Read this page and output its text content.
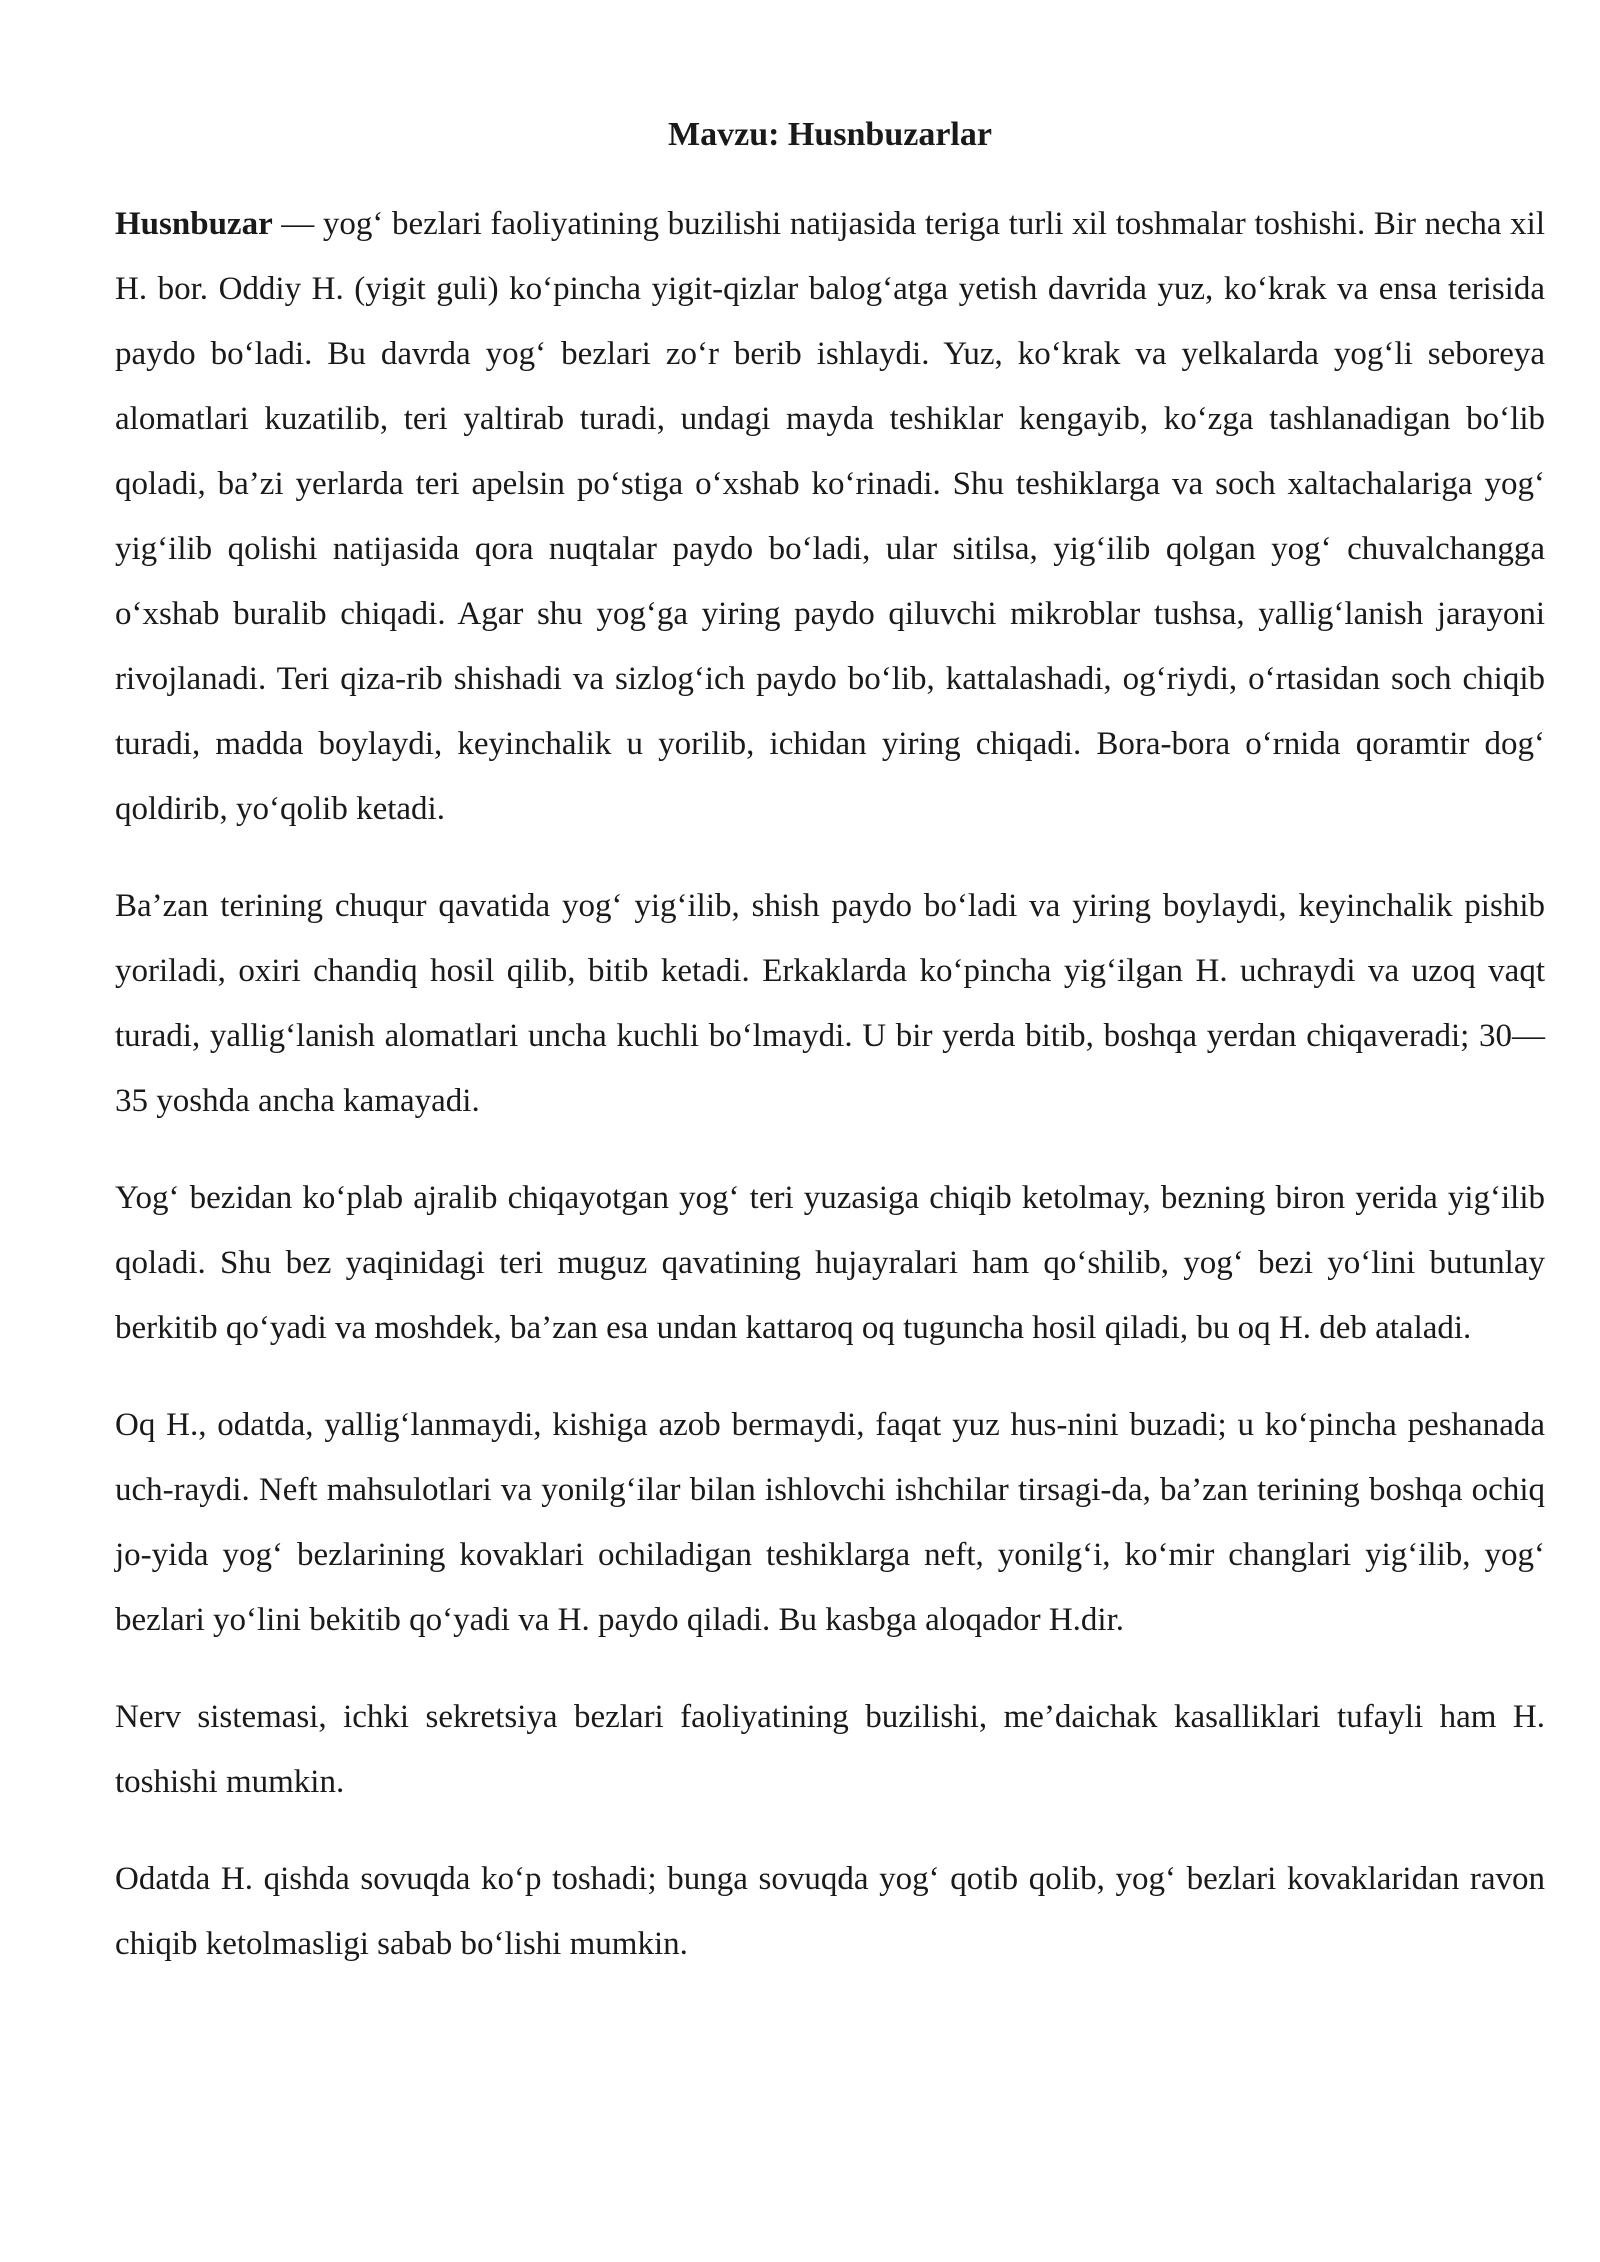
Mavzu: Husnbuzarlar

Husnbuzar — yog‘ bezlari faoliyatining buzilishi natijasida teriga turli xil toshmalar toshishi. Bir necha xil H. bor. Oddiy H. (yigit guli) ko‘pincha yigit-qizlar balog‘atga yetish davrida yuz, ko‘krak va ensa terisida paydo bo‘ladi. Bu davrda yog‘ bezlari zo‘r berib ishlaydi. Yuz, ko‘krak va yelkalarda yog‘li seboreya alomatlari kuzatilib, teri yaltirab turadi, undagi mayda teshiklar kengayib, ko‘zga tashlanadigan bo‘lib qoladi, ba’zi yerlarda teri apelsin po‘stiga o‘xshab ko‘rinadi. Shu teshiklarga va soch xaltachalariga yog‘ yig‘ilib qolishi natijasida qora nuqtalar paydo bo‘ladi, ular sitilsa, yig‘ilib qolgan yog‘ chuvalchangga o‘xshab buralib chiqadi. Agar shu yog‘ga yiring paydo qiluvchi mikroblar tushsa, yallig‘lanish jarayoni rivojlanadi. Teri qiza-rib shishadi va sizlog‘ich paydo bo‘lib, kattalashadi, og‘riydi, o‘rtasidan soch chiqib turadi, madda boylaydi, keyinchalik u yorilib, ichidan yiring chiqadi. Bora-bora o‘rnida qoramtir dog‘ qoldirib, yo‘qolib ketadi.

Ba’zan terining chuqur qavatida yog‘ yig‘ilib, shish paydo bo‘ladi va yiring boylaydi, keyinchalik pishib yoriladi, oxiri chandiq hosil qilib, bitib ketadi. Erkaklarda ko‘pincha yig‘ilgan H. uchraydi va uzoq vaqt turadi, yallig‘lanish alomatlari uncha kuchli bo‘lmaydi. U bir yerda bitib, boshqa yerdan chiqaveradi; 30—35 yoshda ancha kamayadi.

Yog‘ bezidan ko‘plab ajralib chiqayotgan yog‘ teri yuzasiga chiqib ketolmay, bezning biron yerida yig‘ilib qoladi. Shu bez yaqinidagi teri muguz qavatining hujayralari ham qo‘shilib, yog‘ bezi yo‘lini butunlay berkitib qo‘yadi va moshdek, ba’zan esa undan kattaroq oq tuguncha hosil qiladi, bu oq H. deb ataladi.

Oq H., odatda, yallig‘lanmaydi, kishiga azob bermaydi, faqat yuz hus-nini buzadi; u ko‘pincha peshanada uch-raydi. Neft mahsulotlari va yonilg‘ilar bilan ishlovchi ishchilar tirsagi-da, ba’zan terining boshqa ochiq jo-yida yog‘ bezlarining kovaklari ochiladigan teshiklarga neft, yonilg‘i, ko‘mir changlari yig‘ilib, yog‘ bezlari yo‘lini bekitib qo‘yadi va H. paydo qiladi. Bu kasbga aloqador H.dir.

Nerv sistemasi, ichki sekretsiya bezlari faoliyatining buzilishi, me’daichak kasalliklari tufayli ham H. toshishi mumkin.

Odatda H. qishda sovuqda ko‘p toshadi; bunga sovuqda yog‘ qotib qolib, yog‘ bezlari kovaklaridan ravon chiqib ketolmasligi sabab bo‘lishi mumkin.
